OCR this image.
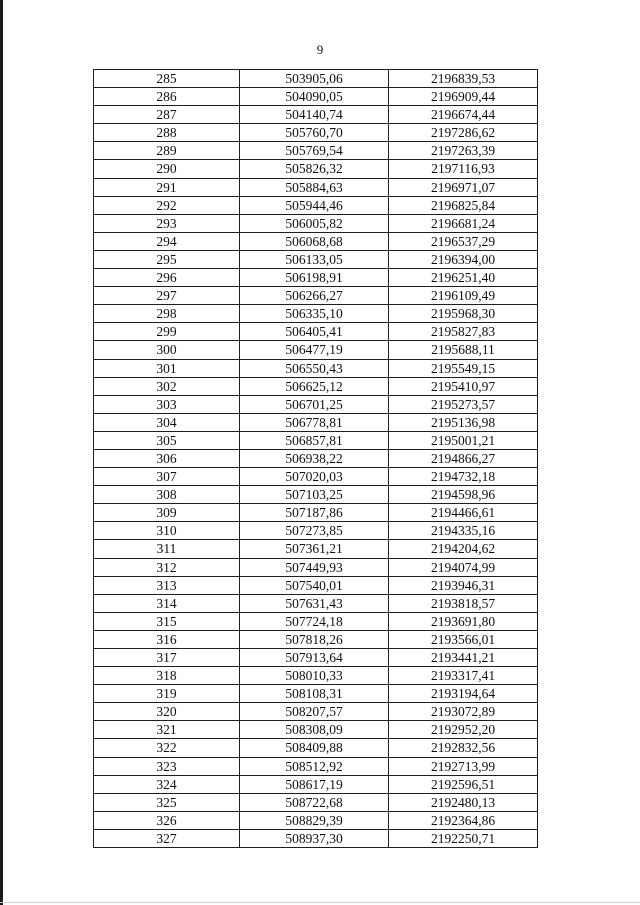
9
285	503905,06	2196839,53
286	504090,05	2196909,44
287	504140,74	2196674,44
288	505760,70	2197286,62
289	505769,54	2197263,39
290	505826,32	2197116,93
291	505884,63	2196971,07
292	505944,46	2196825,84
293	506005,82	2196681,24
294	506068,68	2196537,29
295	506133,05	2196394,00
296	506198,91	2196251,40
297	506266,27	2196109,49
298	506335,10	2195968,30
299	506405,41	2195827,83
300	506477,19	2195688,11
301	506550,43	2195549,15
302	506625,12	2195410,97
303	506701,25	2195273,57
304	506778,81	2195136,98
305	506857,81	2195001,21
306	506938,22	2194866,27
307	507020,03	2194732,18
308	507103,25	2194598,96
309	507187,86	2194466,61
310	507273,85	2194335,16
311	507361,21	2194204,62
312	507449,93	2194074,99
313	507540,01	2193946,31
314	507631,43	2193818,57
315	507724,18	2193691,80
316	507818,26	2193566,01
317	507913,64	2193441,21
318	508010,33	2193317,41
319	508108,31	2193194,64
320	508207,57	2193072,89
321	508308,09	2192952,20
322	508409,88	2192832,56
323	508512,92	2192713,99
324	508617,19	2192596,51
325	508722,68	2192480,13
326	508829,39	2192364,86
327	508937,30	2192250,71
